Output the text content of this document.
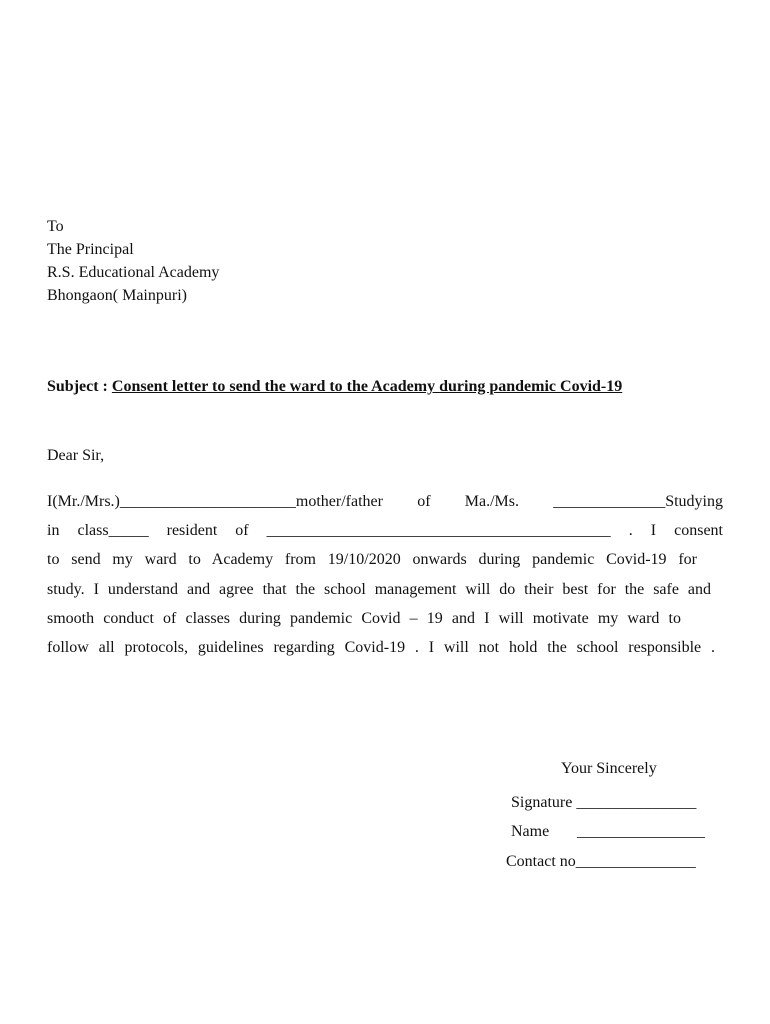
To
The Principal
R.S. Educational Academy
Bhongaon( Mainpuri)
Subject : Consent letter to send the ward to the Academy during pandemic Covid-19
Dear Sir,
I(Mr./Mrs.)______________________mother/father of Ma./Ms. ______________Studying
in class_____ resident of ___________________________________________ . I consent
to send my ward to Academy from 19/10/2020 onwards during pandemic Covid-19 for
study. I understand and agree that the school management will do their best for the safe and
smooth conduct of classes during pandemic Covid – 19 and I will motivate my ward to
follow all protocols, guidelines regarding Covid-19 . I will not hold the school responsible .
Your Sincerely
Signature _______________
Name ________________
Contact no_______________
